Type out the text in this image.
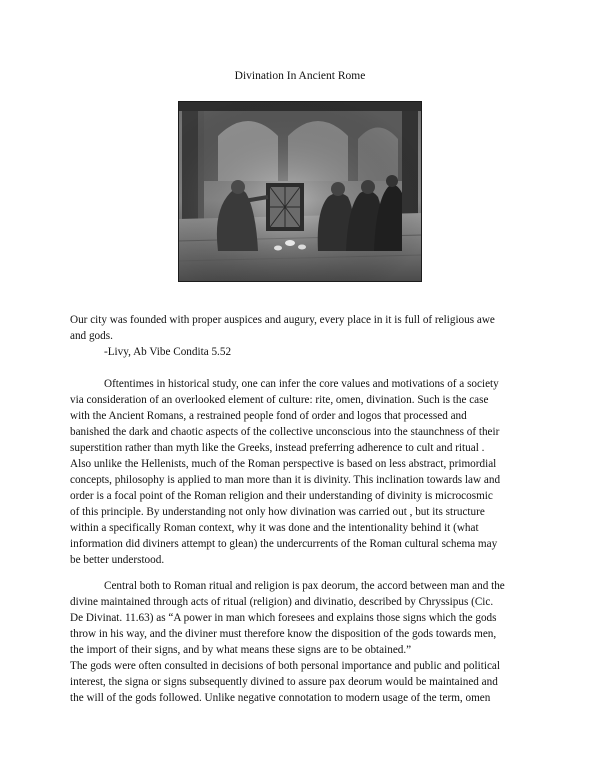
Divination In Ancient Rome
Our city was founded with proper auspices and augury, every place in it is full of religious awe
and gods.
-Livy, Ab Vibe Condita 5.52
Oftentimes in historical study, one can infer the core values and motivations of a society
via consideration of an overlooked element of culture: rite, omen, divination. Such is the case
with the Ancient Romans, a restrained people fond of order and logos that processed and
banished the dark and chaotic aspects of the collective unconscious into the staunchness of their
superstition rather than myth like the Greeks, instead preferring adherence to cult and ritual .
Also unlike the Hellenists, much of the Roman perspective is based on less abstract, primordial
concepts, philosophy is applied to man more than it is divinity. This inclination towards law and
order is a focal point of the Roman religion and their understanding of divinity is microcosmic
of this principle. By understanding not only how divination was carried out , but its structure
within a specifically Roman context, why it was done and the intentionality behind it (what
information did diviners attempt to glean) the undercurrents of the Roman cultural schema may
be better understood.
Central both to Roman ritual and religion is pax deorum, the accord between man and the
divine maintained through acts of ritual (religion) and divinatio, described by Chryssipus (Cic.
De Divinat. 11.63) as “A power in man which foresees and explains those signs which the gods
throw in his way, and the diviner must therefore know the disposition of the gods towards men,
the import of their signs, and by what means these signs are to be obtained.”
The gods were often consulted in decisions of both personal importance and public and political
interest, the signa or signs subsequently divined to assure pax deorum would be maintained and
the will of the gods followed. Unlike negative connotation to modern usage of the term, omen
